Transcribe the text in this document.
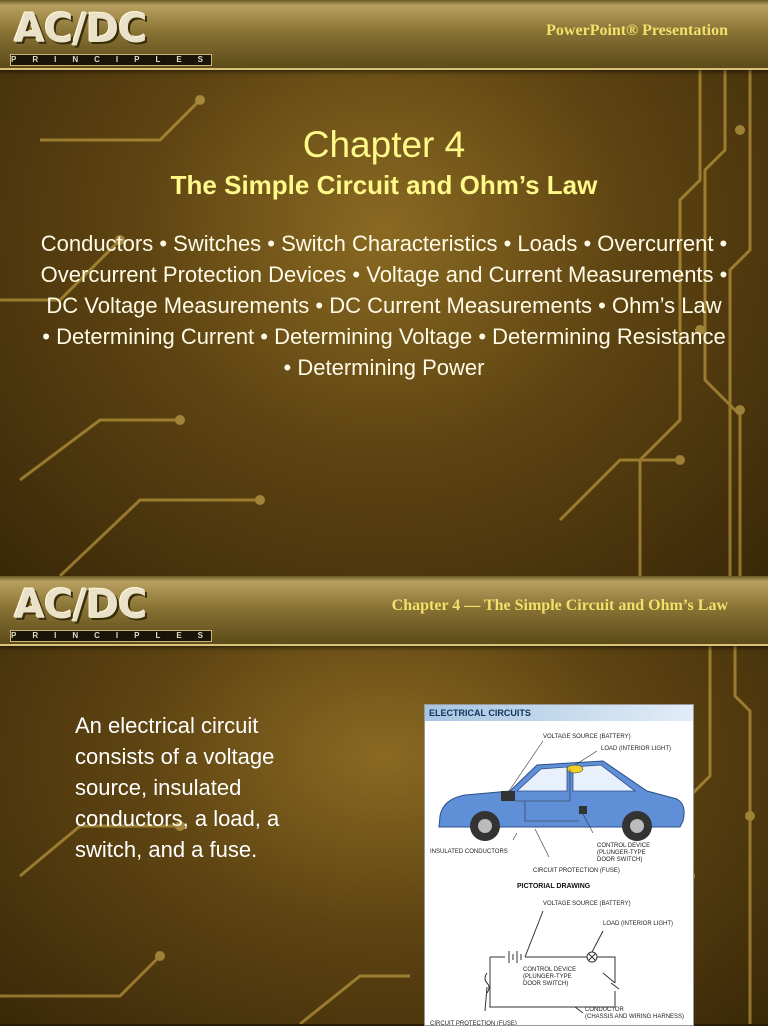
AC/DC
PRINCIPLES
PowerPoint® Presentation
Chapter 4
The Simple Circuit and Ohm’s Law
Conductors • Switches • Switch Characteristics • Loads • Overcurrent • Overcurrent Protection Devices • Voltage and Current Measurements • DC Voltage Measurements • DC Current Measurements • Ohm’s Law • Determining Current • Determining Voltage • Determining Resistance • Determining Power
AC/DC
PRINCIPLES
Chapter 4 — The Simple Circuit and Ohm’s Law
An electrical circuit consists of a voltage source, insulated conductors, a load, a switch, and a fuse.
ELECTRICAL CIRCUITS
VOLTAGE SOURCE (BATTERY)
LOAD (INTERIOR LIGHT)
CONTROL DEVICE
(PLUNGER-TYPE
DOOR SWITCH)
INSULATED CONDUCTORS
CIRCUIT PROTECTION (FUSE)
PICTORIAL DRAWING
VOLTAGE SOURCE (BATTERY)
LOAD (INTERIOR LIGHT)
CONTROL DEVICE
(PLUNGER-TYPE
DOOR SWITCH)
CONDUCTOR
(CHASSIS AND WIRING HARNESS)
CIRCUIT PROTECTION (FUSE)
